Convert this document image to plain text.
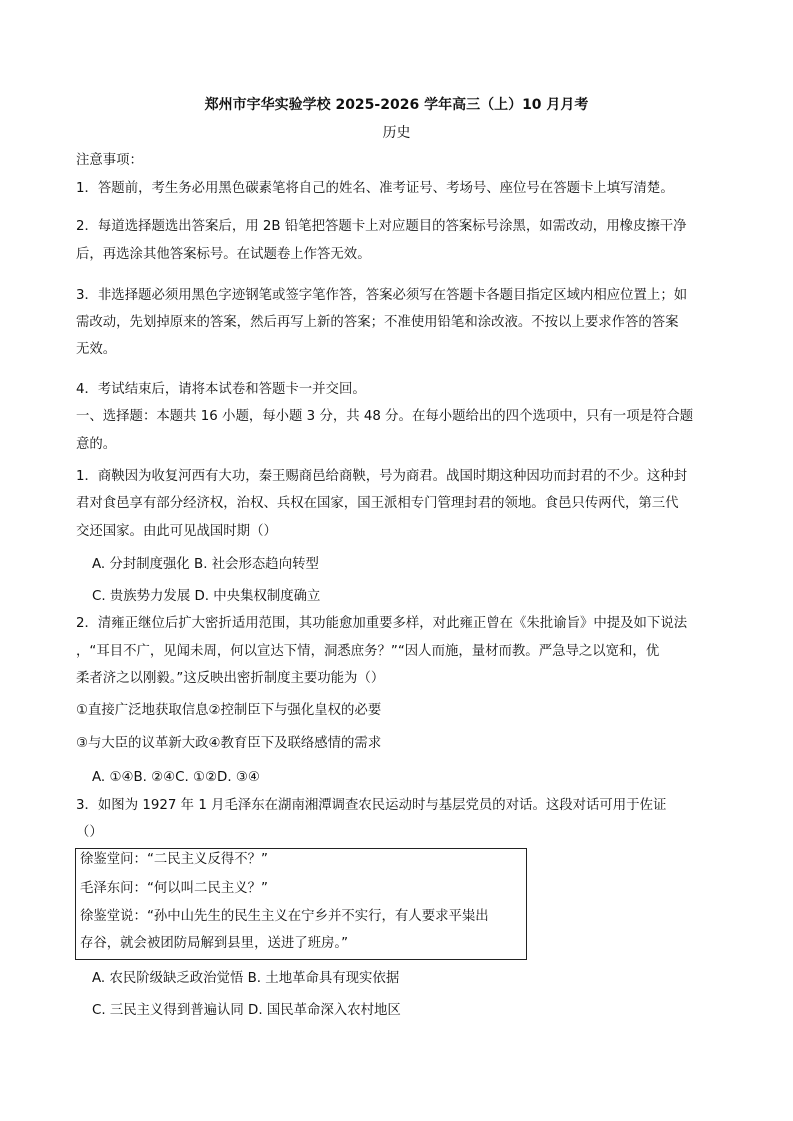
郑州市宇华实验学校 2025-2026 学年高三（上）10 月月考
历史
注意事项：
1．答题前，考生务必用黑色碳素笔将自己的姓名、准考证号、考场号、座位号在答题卡上填写清楚。
2．每道选择题选出答案后，用 2B 铅笔把答题卡上对应题目的答案标号涂黑，如需改动，用橡皮擦干净
后，再选涂其他答案标号。在试题卷上作答无效。
3．非选择题必须用黑色字迹钢笔或签字笔作答，答案必须写在答题卡各题目指定区域内相应位置上；如
需改动，先划掉原来的答案，然后再写上新的答案；不准使用铅笔和涂改液。不按以上要求作答的答案
无效。
4．考试结束后，请将本试卷和答题卡一并交回。
一、选择题：本题共 16 小题，每小题 3 分，共 48 分。在每小题给出的四个选项中，只有一项是符合题
意的。
1．商鞅因为收复河西有大功，秦王赐商邑给商鞅，号为商君。战国时期这种因功而封君的不少。这种封
君对食邑享有部分经济权，治权、兵权在国家，国王派相专门管理封君的领地。食邑只传两代，第三代
交还国家。由此可见战国时期（）
A. 分封制度强化 B. 社会形态趋向转型
C. 贵族势力发展 D. 中央集权制度确立
2．清雍正继位后扩大密折适用范围，其功能愈加重要多样，对此雍正曾在《朱批谕旨》中提及如下说法
，“耳目不广，见闻未周，何以宣达下情，洞悉庶务？”“因人而施，量材而教。严急导之以宽和，优
柔者济之以刚毅。”这反映出密折制度主要功能为（）
①直接广泛地获取信息②控制臣下与强化皇权的必要
③与大臣的议革新大政④教育臣下及联络感情的需求
A. ①④B. ②④C. ①②D. ③④
3．如图为 1927 年 1 月毛泽东在湖南湘潭调查农民运动时与基层党员的对话。这段对话可用于佐证
（）
徐鉴堂问：“二民主义反得不？”
毛泽东问：“何以叫二民主义？”
徐鉴堂说：“孙中山先生的民生主义在宁乡并不实行，有人要求平粜出
存谷，就会被团防局解到县里，送进了班房。”
A. 农民阶级缺乏政治觉悟 B. 土地革命具有现实依据
C. 三民主义得到普遍认同 D. 国民革命深入农村地区
